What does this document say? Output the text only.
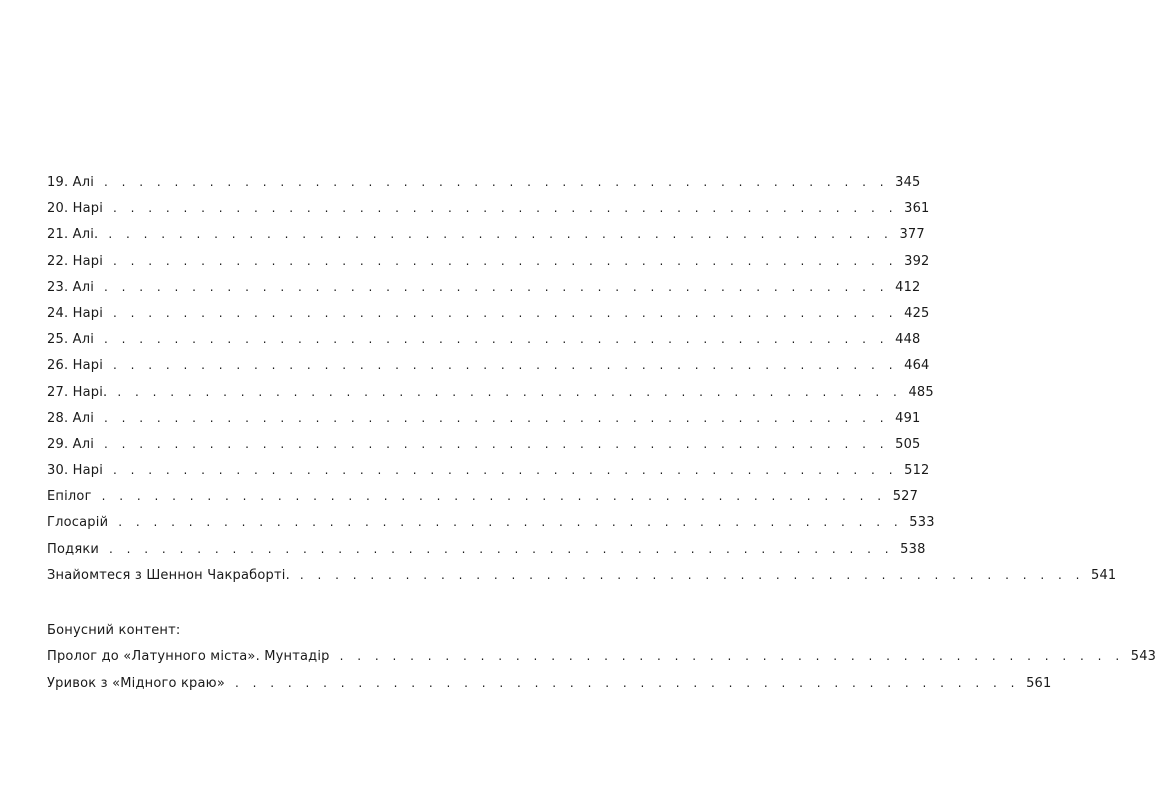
19. Алі . . . . . . . . . . . . . . . . . . . . . . . . . . . . . . . . . . . . . . . . . . . . . 345
20. Нарі . . . . . . . . . . . . . . . . . . . . . . . . . . . . . . . . . . . . . . . . . . . . . 361
21. Алі. . . . . . . . . . . . . . . . . . . . . . . . . . . . . . . . . . . . . . . . . . . . . . 377
22. Нарі . . . . . . . . . . . . . . . . . . . . . . . . . . . . . . . . . . . . . . . . . . . . . 392
23. Алі . . . . . . . . . . . . . . . . . . . . . . . . . . . . . . . . . . . . . . . . . . . . . 412
24. Нарі . . . . . . . . . . . . . . . . . . . . . . . . . . . . . . . . . . . . . . . . . . . . . 425
25. Алі . . . . . . . . . . . . . . . . . . . . . . . . . . . . . . . . . . . . . . . . . . . . . 448
26. Нарі . . . . . . . . . . . . . . . . . . . . . . . . . . . . . . . . . . . . . . . . . . . . . 464
27. Нарі. . . . . . . . . . . . . . . . . . . . . . . . . . . . . . . . . . . . . . . . . . . . . . 485
28. Алі . . . . . . . . . . . . . . . . . . . . . . . . . . . . . . . . . . . . . . . . . . . . . 491
29. Алі . . . . . . . . . . . . . . . . . . . . . . . . . . . . . . . . . . . . . . . . . . . . . 505
30. Нарі . . . . . . . . . . . . . . . . . . . . . . . . . . . . . . . . . . . . . . . . . . . . . 512
Епілог . . . . . . . . . . . . . . . . . . . . . . . . . . . . . . . . . . . . . . . . . . . . . 527
Глосарій . . . . . . . . . . . . . . . . . . . . . . . . . . . . . . . . . . . . . . . . . . . . . 533
Подяки . . . . . . . . . . . . . . . . . . . . . . . . . . . . . . . . . . . . . . . . . . . . . 538
Знайомтеся з Шеннон Чакраборті. . . . . . . . . . . . . . . . . . . . . . . . . . . . . . . . . . . . . . . . . . . . . . 541
Бонусний контент:
Пролог до «Латунного міста». Мунтадір . . . . . . . . . . . . . . . . . . . . . . . . . . . . . . . . . . . . . . . . . . . . . 543
Уривок з «Мідного краю» . . . . . . . . . . . . . . . . . . . . . . . . . . . . . . . . . . . . . . . . . . . . . 561
